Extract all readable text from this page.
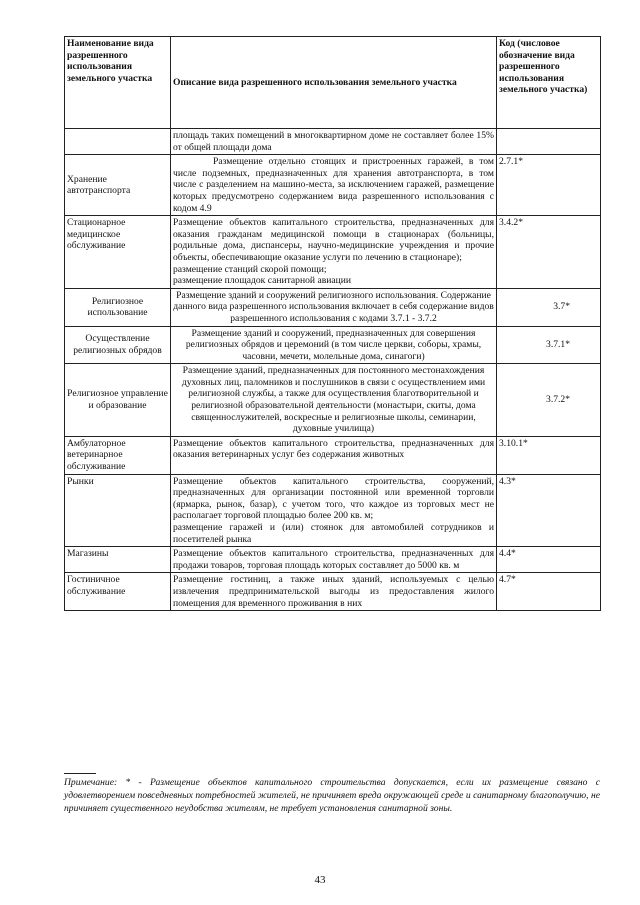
Наименование вида разрешенного использования земельного участка	Описание вида разрешенного использования земельного участка	Код (числовое обозначение вида разрешенного использования земельного участка)
	площадь таких помещений в многоквартирном доме не составляет более 15% от общей площади дома	
Хранение автотранспорта	Размещение отдельно стоящих и пристроенных гаражей, в том числе подземных, предназначенных для хранения автотранспорта, в том числе с разделением на машино-места, за исключением гаражей, размещение которых предусмотрено содержанием вида разрешенного использования с кодом 4.9	2.7.1*
Стационарное медицинское обслуживание	Размещение объектов капитального строительства, предназначенных для оказания гражданам медицинской помощи в стационарах (больницы, родильные дома, диспансеры, научно-медицинские учреждения и прочие объекты, обеспечивающие оказание услуги по лечению в стационаре);
размещение станций скорой помощи;
размещение площадок санитарной авиации	3.4.2*
Религиозное использование	Размещение зданий и сооружений религиозного использования. Содержание данного вида разрешенного использования включает в себя содержание видов разрешенного использования с кодами 3.7.1 - 3.7.2	3.7*
Осуществление религиозных обрядов	Размещение зданий и сооружений, предназначенных для совершения религиозных обрядов и церемоний (в том числе церкви, соборы, храмы, часовни, мечети, молельные дома, синагоги)	3.7.1*
Религиозное управление и образование	Размещение зданий, предназначенных для постоянного местонахождения духовных лиц, паломников и послушников в связи с осуществлением ими религиозной службы, а также для осуществления благотворительной и религиозной образовательной деятельности (монастыри, скиты, дома священнослужителей, воскресные и религиозные школы, семинарии, духовные училища)	3.7.2*
Амбулаторное ветеринарное обслуживание	Размещение объектов капитального строительства, предназначенных для оказания ветеринарных услуг без содержания животных	3.10.1*
Рынки	Размещение объектов капитального строительства, сооружений, предназначенных для организации постоянной или временной торговли (ярмарка, рынок, базар), с учетом того, что каждое из торговых мест не располагает торговой площадью более 200 кв. м;
размещение гаражей и (или) стоянок для автомобилей сотрудников и посетителей рынка	4.3*
Магазины	Размещение объектов капитального строительства, предназначенных для продажи товаров, торговая площадь которых составляет до 5000 кв. м	4.4*
Гостиничное обслуживание	Размещение гостиниц, а также иных зданий, используемых с целью извлечения предпринимательской выгоды из предоставления жилого помещения для временного проживания в них	4.7*
Примечание: * - Размещение объектов капитального строительства допускается, если их размещение связано с удовлетворением повседневных потребностей жителей, не причиняет вреда окружающей среде и санитарному благополучию, не причиняет существенного неудобства жителям, не требует установления санитарной зоны.
43
